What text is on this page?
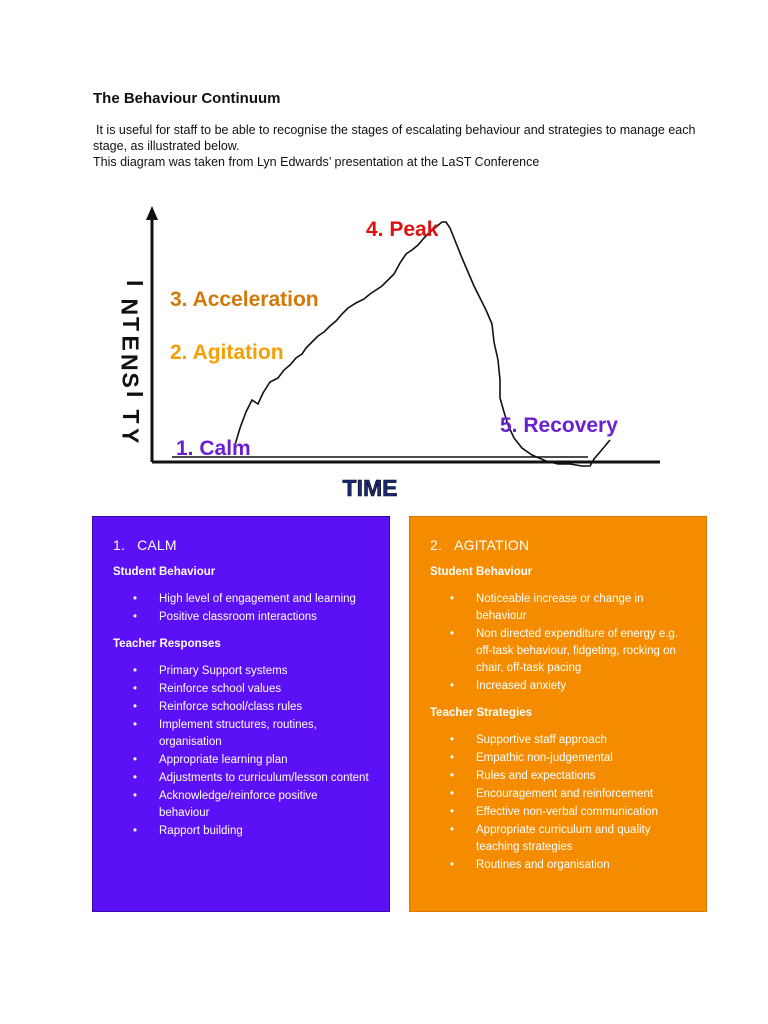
The Behaviour Continuum

It is useful for staff to be able to recognise the stages of escalating behaviour and strategies to manage each stage, as illustrated below.

This diagram was taken from Lyn Edwards’ presentation at the LaST Conference

I N T E N S I T Y
1. Calm
2. Agitation
3. Acceleration
4. Peak
5. Recovery
TIME
1. CALM
Student Behaviour
• High level of engagement and learning
• Positive classroom interactions
Teacher Responses
• Primary Support systems
• Reinforce school values
• Reinforce school/class rules
• Implement structures, routines, organisation
• Appropriate learning plan
• Adjustments to curriculum/lesson content
• Acknowledge/reinforce positive behaviour
• Rapport building
2. AGITATION
Student Behaviour
• Noticeable increase or change in behaviour
• Non directed expenditure of energy e.g. off-task behaviour, fidgeting, rocking on chair, off-task pacing
• Increased anxiety
Teacher Strategies
• Supportive staff approach
• Empathic non-judgemental
• Rules and expectations
• Encouragement and reinforcement
• Effective non-verbal communication
• Appropriate curriculum and quality teaching strategies
• Routines and organisation
